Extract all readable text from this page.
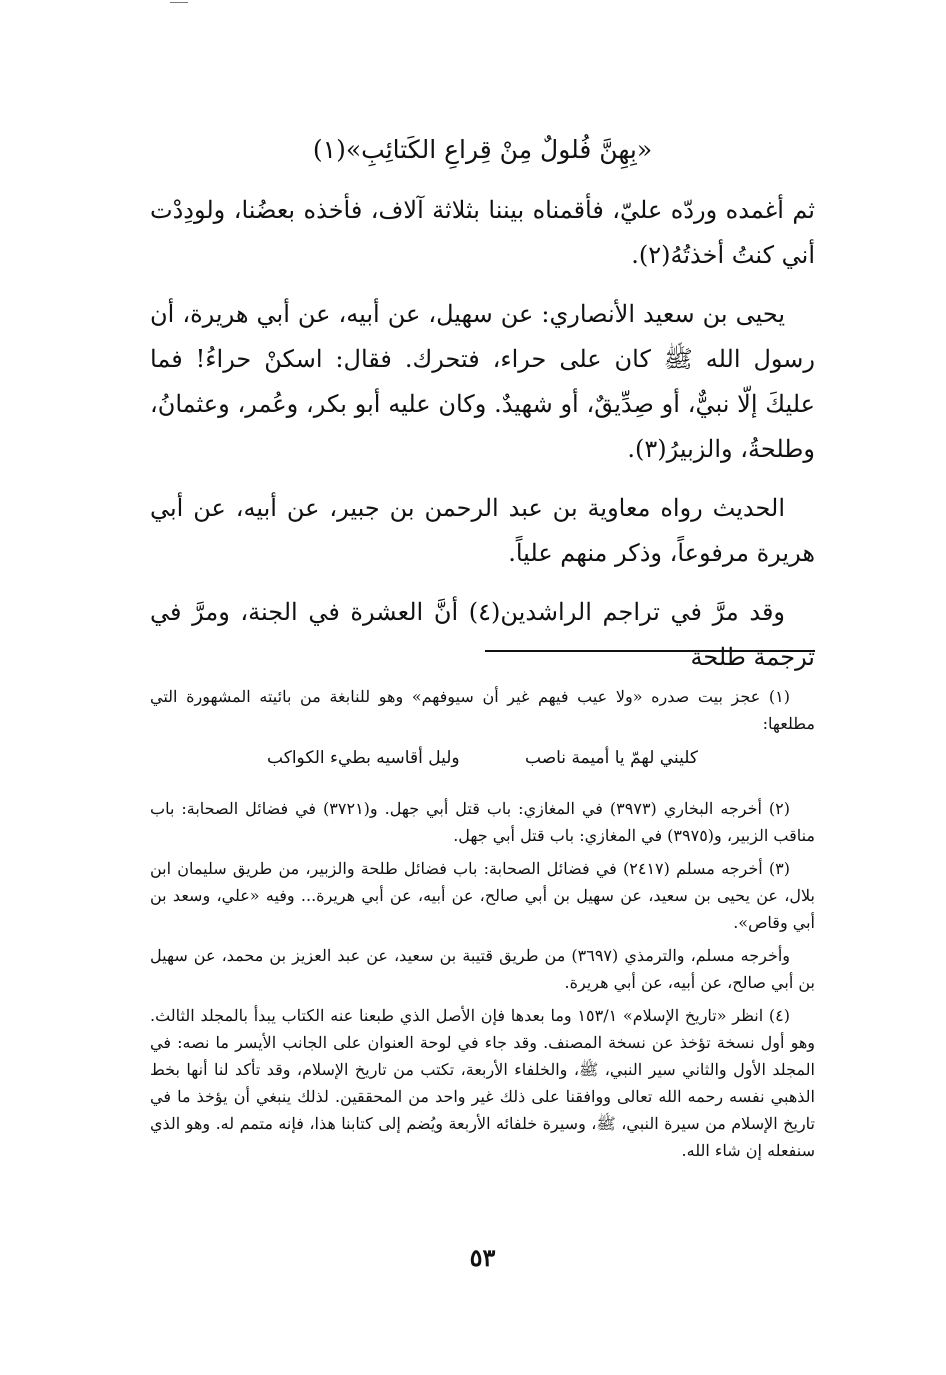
«بِهِنَّ فُلولٌ مِنْ قِراعِ الكَتائِبِ»(١)

ثم أغمده وردّه عليّ، فأقمناه بيننا بثلاثة آلاف، فأخذه بعضُنا، ولودِدْت أني كنتُ أخذتُهُ(٢).

يحيى بن سعيد الأنصاري: عن سهيل، عن أبيه، عن أبي هريرة، أن رسول الله ﷺ كان على حراء، فتحرك. فقال: اسكنْ حراءُ! فما عليكَ إلّا نبيٌّ، أو صِدِّيقٌ، أو شهيدٌ. وكان عليه أبو بكر، وعُمر، وعثمانُ، وطلحةُ، والزبيرُ(٣).

الحديث رواه معاوية بن عبد الرحمن بن جبير، عن أبيه، عن أبي هريرة مرفوعاً، وذكر منهم علياً.

وقد مرَّ في تراجم الراشدين(٤) أنَّ العشرة في الجنة، ومرَّ في ترجمة طلحة

(١) عجز بيت صدره «ولا عيب فيهم غير أن سيوفهم» وهو للنابغة من بائيته المشهورة التي مطلعها:

كليني لهمّ يا أميمة ناصب وليل أقاسيه بطيء الكواكب

(٢) أخرجه البخاري (٣٩٧٣) في المغازي: باب قتل أبي جهل. و(٣٧٢١) في فضائل الصحابة: باب مناقب الزبير، و(٣٩٧٥) في المغازي: باب قتل أبي جهل.

(٣) أخرجه مسلم (٢٤١٧) في فضائل الصحابة: باب فضائل طلحة والزبير، من طريق سليمان ابن بلال، عن يحيى بن سعيد، عن سهيل بن أبي صالح، عن أبيه، عن أبي هريرة... وفيه «علي، وسعد بن أبي وقاص».

وأخرجه مسلم، والترمذي (٣٦٩٧) من طريق قتيبة بن سعيد، عن عبد العزيز بن محمد، عن سهيل بن أبي صالح، عن أبيه، عن أبي هريرة.

(٤) انظر «تاريخ الإسلام» ١٥٣/١ وما بعدها فإن الأصل الذي طبعنا عنه الكتاب يبدأ بالمجلد الثالث. وهو أول نسخة تؤخذ عن نسخة المصنف. وقد جاء في لوحة العنوان على الجانب الأيسر ما نصه: في المجلد الأول والثاني سير النبي، ﷺ، والخلفاء الأربعة، تكتب من تاريخ الإسلام، وقد تأكد لنا أنها بخط الذهبي نفسه رحمه الله تعالى ووافقنا على ذلك غير واحد من المحققين. لذلك ينبغي أن يؤخذ ما في تاريخ الإسلام من سيرة النبي، ﷺ، وسيرة خلفائه الأربعة ويُضم إلى كتابنا هذا، فإنه متمم له. وهو الذي سنفعله إن شاء الله.

٥٣
